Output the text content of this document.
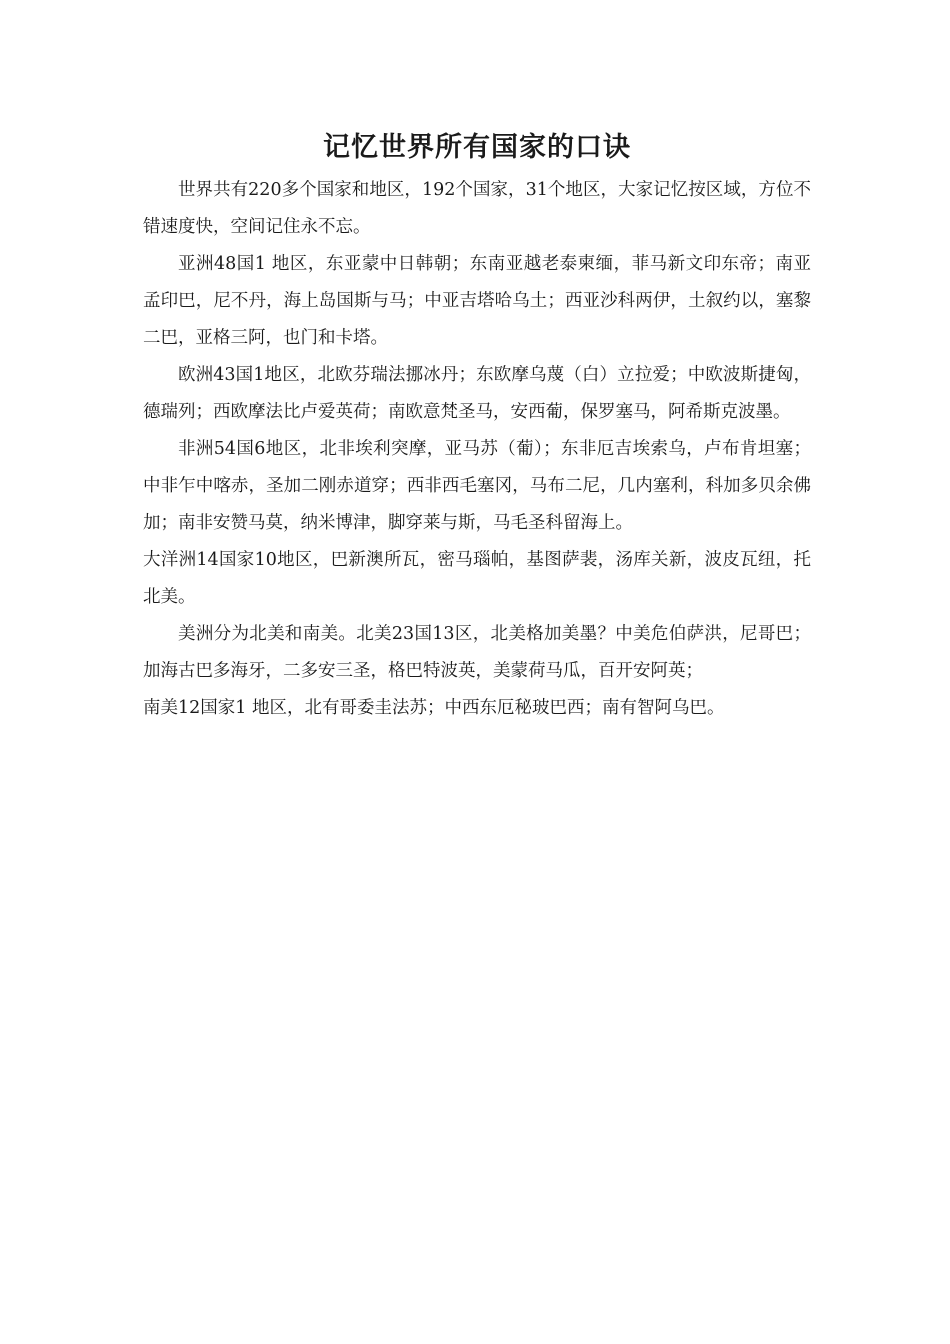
记忆世界所有国家的口诀

世界共有220多个国家和地区，192个国家，31个地区，大家记忆按区域，方位不错速度快，空间记住永不忘。

亚洲48国1 地区，东亚蒙中日韩朝；东南亚越老泰柬缅，菲马新文印东帝；南亚孟印巴，尼不丹，海上岛国斯与马；中亚吉塔哈乌土；西亚沙科两伊，土叙约以，塞黎二巴，亚格三阿，也门和卡塔。

欧洲43国1地区，北欧芬瑞法挪冰丹；东欧摩乌蔑（白）立拉爱；中欧波斯捷匈，德瑞列；西欧摩法比卢爱英荷；南欧意梵圣马，安西葡，保罗塞马，阿希斯克波墨。

非洲54国6地区，北非埃利突摩，亚马苏（葡）；东非厄吉埃索乌，卢布肯坦塞；中非乍中喀赤，圣加二刚赤道穿；西非西毛塞冈，马布二尼，几内塞利，科加多贝余佛加；南非安赞马莫，纳米博津，脚穿莱与斯，马毛圣科留海上。

大洋洲14国家10地区，巴新澳所瓦，密马瑙帕，基图萨裴，汤库关新，波皮瓦纽，托北美。

美洲分为北美和南美。北美23国13区，北美格加美墨？中美危伯萨洪，尼哥巴；加海古巴多海牙，二多安三圣，格巴特波英，美蒙荷马瓜，百开安阿英；

南美12国家1 地区，北有哥委圭法苏；中西东厄秘玻巴西；南有智阿乌巴。
